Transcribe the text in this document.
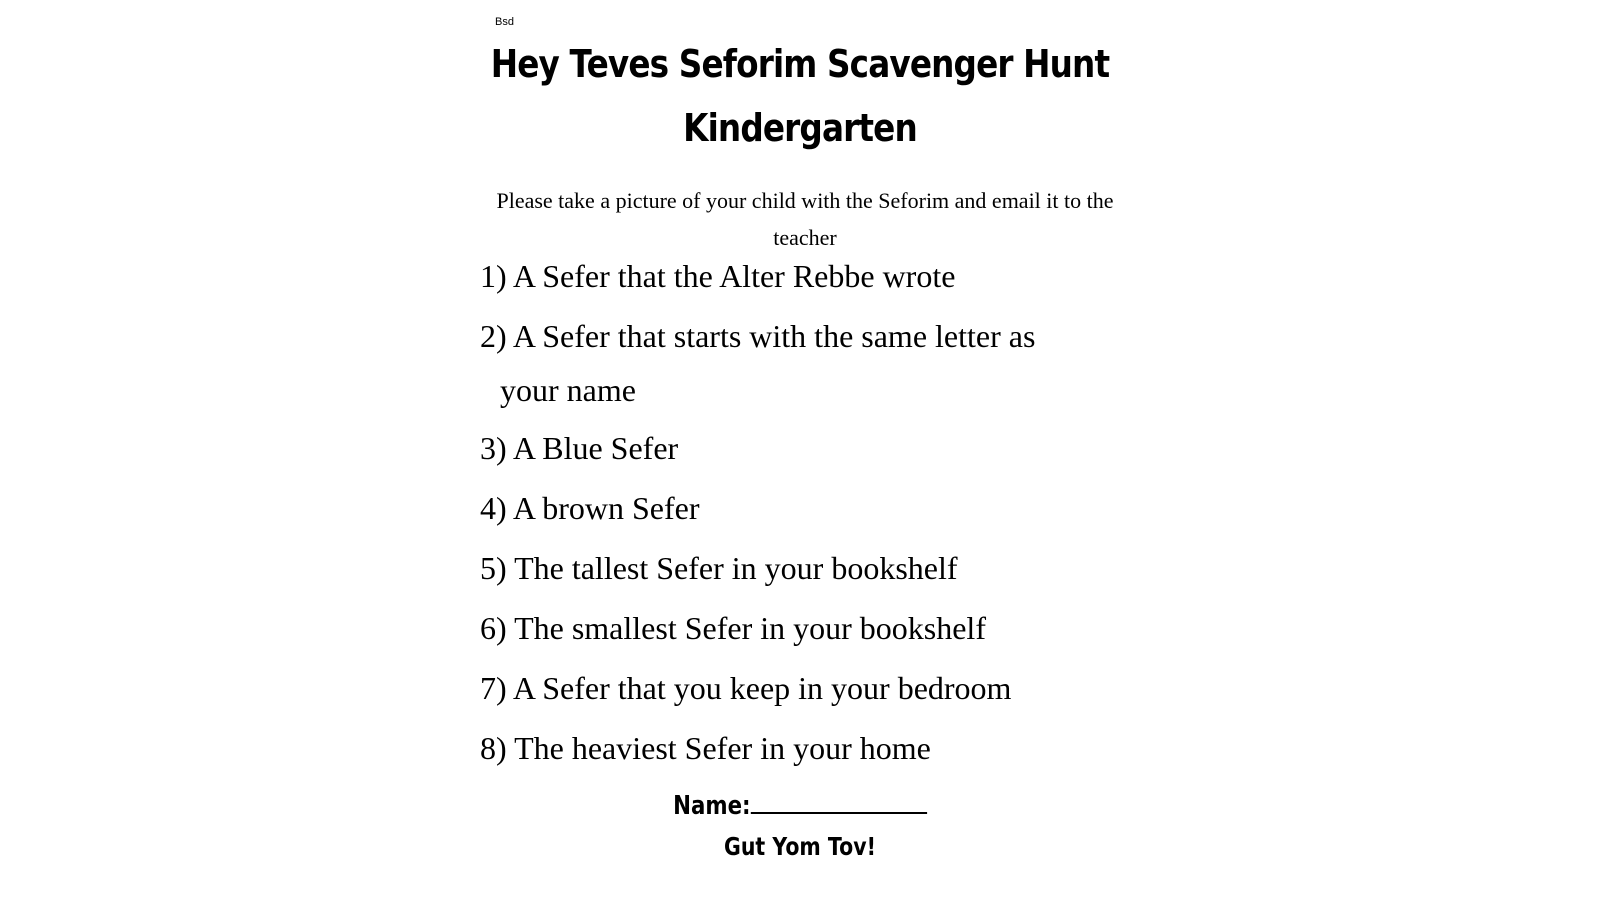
Bsd
Hey Teves Seforim Scavenger Hunt
Kindergarten
Please take a picture of your child with the Seforim and email it to the
teacher
1) A Sefer that the Alter Rebbe wrote
2) A Sefer that starts with the same letter as
your name
3) A Blue Sefer
4) A brown Sefer
5) The tallest Sefer in your bookshelf
6) The smallest Sefer in your bookshelf
7) A Sefer that you keep in your bedroom
8) The heaviest Sefer in your home
Name:
Gut Yom Tov!
